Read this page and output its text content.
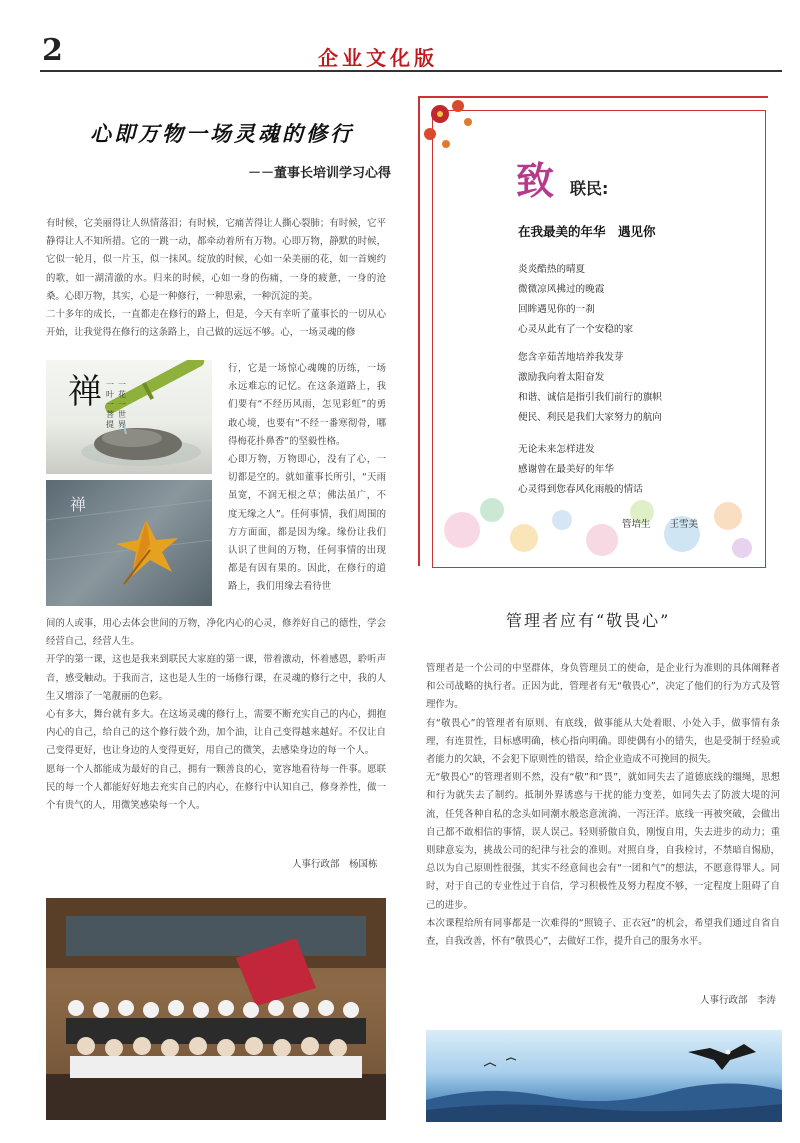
2	企业文化版
心即万物一场灵魂的修行
－－董事长培训学习心得

有时候，它美丽得让人纵情落泪；有时候，它痛苦得让人撕心裂肺；有时候，它平静得让人不知所措。它的一跳一动，都牵动着所有万物。心即万物，静默的时候，它似一轮月，似一片玉，似一抹风。绽放的时候，心如一朵美丽的花，如一首婉约的歌，如一湖清澈的水。归来的时候，心如一身的伤痛，一身的疲惫，一身的沧桑。心即万物，其实，心是一种修行，一种思索，一种沉淀的美。

二十多年的成长，一直都走在修行的路上，但是，今天有幸听了董事长的一切从心开始，让我觉得在修行的这条路上，自己做的远远不够。心，一场灵魂的修

禅 一花一世界
一叶一菩提
禅

行，它是一场惊心魂魄的历练，一场永远难忘的记忆。在这条道路上，我们要有“不经历风雨，怎见彩虹”的勇敢心境，也要有“不经一番寒彻骨，哪得梅花扑鼻香”的坚毅性格。

心即万物，万物即心，没有了心，一切都是空的。就如董事长所引，“天雨虽宽，不润无根之草；佛法虽广，不度无缘之人”。任何事情，我们周围的方方面面，都是因为缘。缘份让我们认识了世间的万物，任何事情的出现都是有因有果的。因此，在修行的道路上，我们用缘去看待世

间的人或事，用心去体会世间的万物，净化内心的心灵，修养好自己的德性，学会经营自己，经营人生。

开学的第一课，这也是我来到联民大家庭的第一课，带着激动，怀着感恩，聆听声音，感受触动。于我而言，这也是人生的一场修行课，在灵魂的修行之中，我的人生又增添了一笔靓丽的色彩。

心有多大，舞台就有多大。在这场灵魂的修行上，需要不断充实自己的内心，拥抱内心的自己，给自己的这个修行鼓个劲，加个油，让自己变得越来越好。不仅让自己变得更好，也让身边的人变得更好，用自己的微笑，去感染身边的每一个人。

愿每一个人都能成为最好的自己，拥有一颗善良的心，宽容地看待每一件事。愿联民的每一个人都能好好地去充实自己的内心，在修行中认知自己，修身养性，做一个有贵气的人，用微笑感染每一个人。

人事行政部　杨国栋
致 联民:
在我最美的年华　遇见你
炎炎酷热的晴夏
微微凉风拂过的晚霞
回眸遇见你的一刹
心灵从此有了一个安稳的家
您含辛茹苦地培养我发芽
激励我向着太阳奋发
和谐、诚信是指引我们前行的旗帜
便民、利民是我们大家努力的航向
无论未来怎样进发
感谢曾在最美好的年华
心灵得到您春风化雨般的情话
管培生　　王雪美
管理者应有“敬畏心”

管理者是一个公司的中坚群体，身负管理员工的使命，是企业行为准则的具体阐释者和公司战略的执行者。正因为此，管理者有无“敬畏心”，决定了他们的行为方式及管理作为。

有“敬畏心”的管理者有原则、有底线，做事能从大处着眼、小处入手，做事情有条理，有连贯性，目标感明确，核心指向明确。即使偶有小的错失，也是受制于经验或者能力的欠缺，不会犯下原则性的错误，给企业造成不可挽回的损失。

无“敬畏心”的管理者则不然，没有“敬”和“畏”，就如同失去了道德底线的缰绳，思想和行为就失去了制约。抵制外界诱惑与干扰的能力变差，如同失去了防波大堤的河流，任凭各种自私的念头如同潮水般恣意流淌、一泻汪洋。底线一再被突破，会做出自己都不敢相信的事情，误人误己。轻则骄傲自负，刚愎自用，失去进步的动力；重则肆意妄为，挑战公司的纪律与社会的准则。对照自身，自我检讨，不禁暗自惕励，总以为自己原则性很强，其实不经意间也会有“一团和气”的想法，不愿意得罪人。同时，对于自己的专业性过于自信，学习积极性及努力程度不够，一定程度上阻碍了自己的进步。

本次课程给所有同事都是一次难得的“照镜子、正衣冠”的机会，希望我们通过自省自查，自我改善，怀有“敬畏心”，去做好工作，提升自己的服务水平。

人事行政部　李涛
